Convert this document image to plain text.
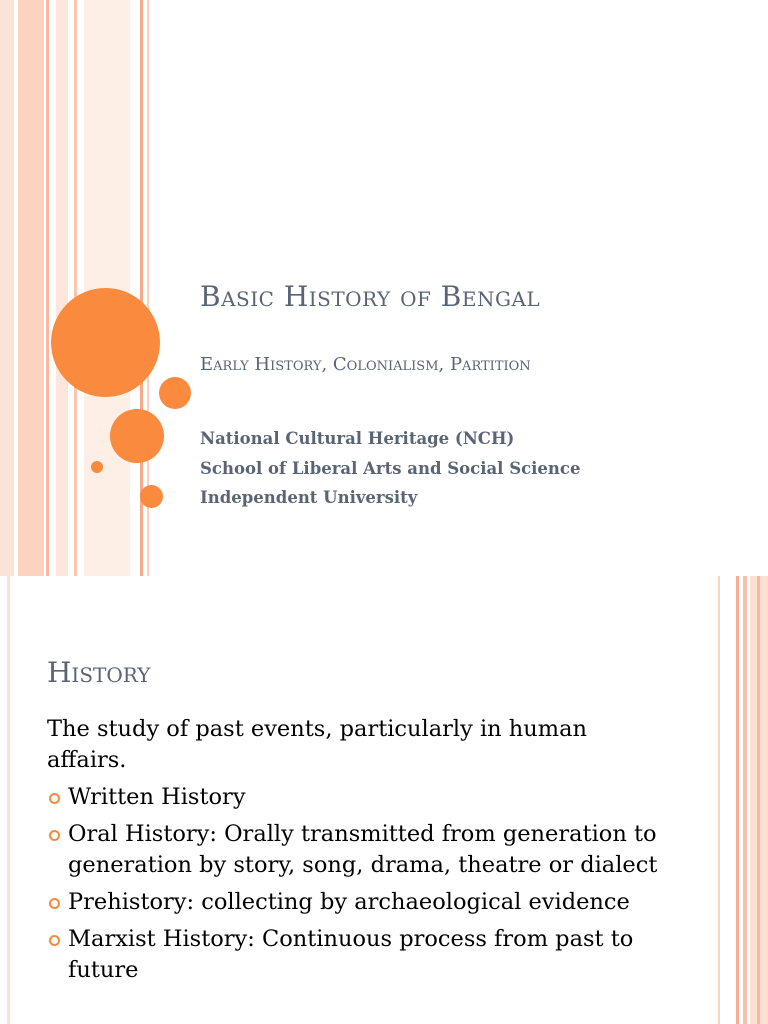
Basic History of Bengal

Early History, Colonialism, Partition

National Cultural Heritage (NCH)
School of Liberal Arts and Social Science
Independent University
History

The study of past events, particularly in human affairs.

Written History
Oral History: Orally transmitted from generation to generation by story, song, drama, theatre or dialect
Prehistory: collecting by archaeological evidence
Marxist History: Continuous process from past to future
